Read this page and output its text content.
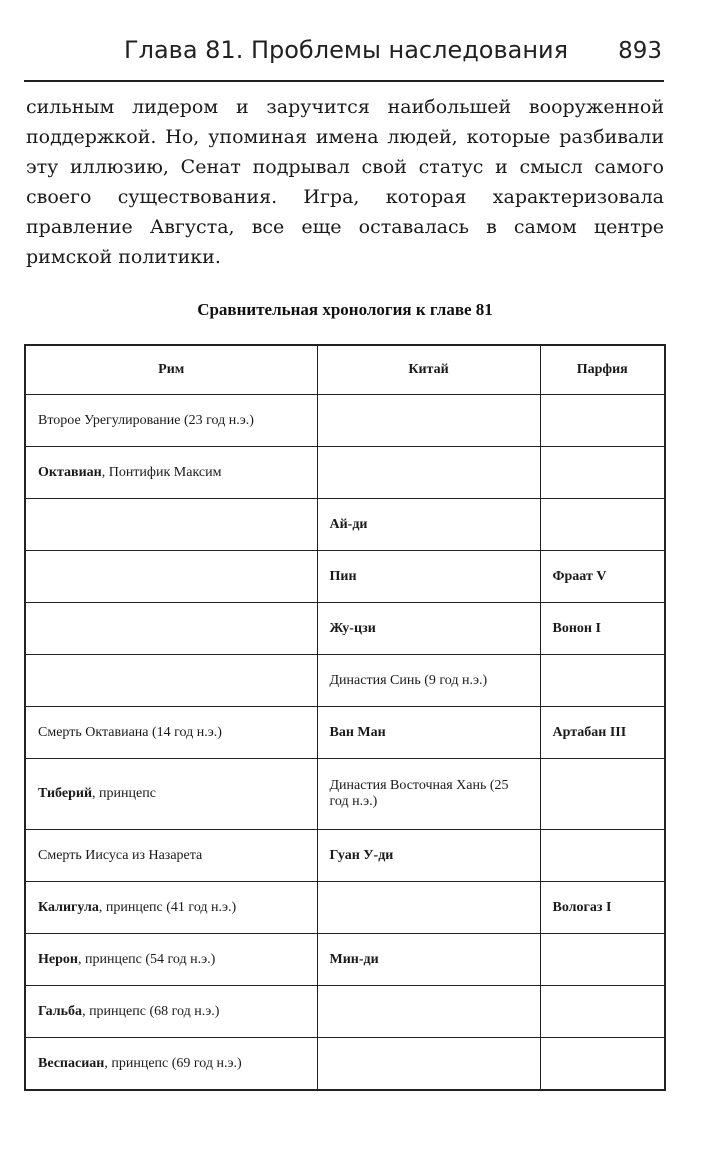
Глава 81. Проблемы наследования 893
сильным лидером и заручится наибольшей вооруженной поддержкой. Но, упоминая имена людей, которые разбивали эту иллюзию, Сенат подрывал свой статус и смысл самого своего существования. Игра, которая характеризовала правление Августа, все еще оставалась в самом центре римской политики.
Сравнительная хронология к главе 81
Рим	Китай	Парфия
Второе Урегулирование (23 год н.э.)		
Октавиан, Понтифик Максим		
	Ай-ди	
	Пин	Фраат V
	Жу-цзи	Вонон I
	Династия Синь (9 год н.э.)	
Смерть Октавиана (14 год н.э.)	Ван Ман	Артабан III
Тиберий, принцепс	Династия Восточная Хань (25 год н.э.)	
Смерть Иисуса из Назарета	Гуан У-ди	
Калигула, принцепс (41 год н.э.)		Вологаз I
Нерон, принцепс (54 год н.э.)	Мин-ди	
Гальба, принцепс (68 год н.э.)		
Веспасиан, принцепс (69 год н.э.)		
